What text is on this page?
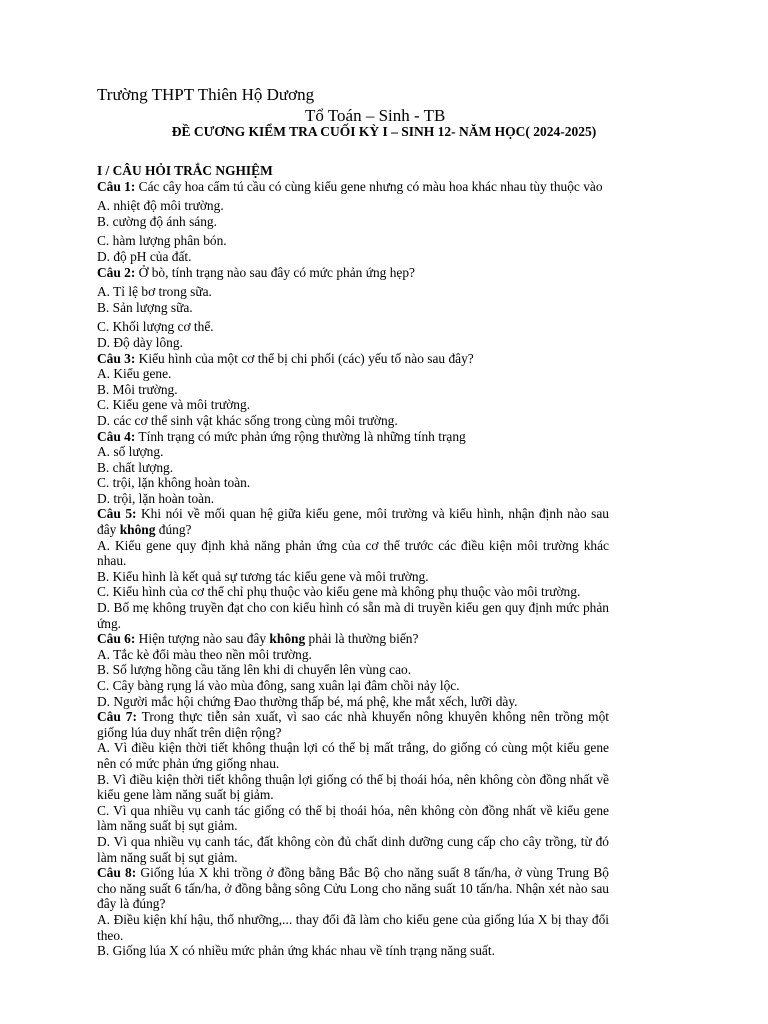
Trường THPT Thiên Hộ Dương
Tổ Toán – Sinh - TB
ĐỀ CƯƠNG KIỂM TRA CUỐI KỲ I – SINH 12- NĂM HỌC( 2024-2025)
I / CÂU HỎI TRẮC NGHIỆM
Câu 1: Các cây hoa cẩm tú cầu có cùng kiểu gene nhưng có màu hoa khác nhau tùy thuộc vào
A. nhiệt độ môi trường.
B. cường độ ánh sáng.
C. hàm lượng phân bón.
D. độ pH của đất.
Câu 2: Ở bò, tính trạng nào sau đây có mức phản ứng hẹp?
A. Tỉ lệ bơ trong sữa.
B. Sản lượng sữa.
C. Khối lượng cơ thể.
D. Độ dày lông.
Câu 3: Kiểu hình của một cơ thể bị chi phối (các) yếu tố nào sau đây?
A. Kiểu gene.
B. Môi trường.
C. Kiểu gene và môi trường.
D. các cơ thể sinh vật khác sống trong cùng môi trường.
Câu 4: Tính trạng có mức phản ứng rộng thường là những tính trạng
A. số lượng.
B. chất lượng.
C. trội, lặn không hoàn toàn.
D. trội, lặn hoàn toàn.
Câu 5: Khi nói về mối quan hệ giữa kiểu gene, môi trường và kiểu hình, nhận định nào sau đây không đúng?
A. Kiểu gene quy định khả năng phản ứng của cơ thể trước các điều kiện môi trường khác nhau.
B. Kiểu hình là kết quả sự tương tác kiểu gene và môi trường.
C. Kiểu hình của cơ thể chỉ phụ thuộc vào kiểu gene mà không phụ thuộc vào môi trường.
D. Bố mẹ không truyền đạt cho con kiểu hình có sẵn mà di truyền kiểu gen quy định mức phản ứng.
Câu 6: Hiện tượng nào sau đây không phải là thường biến?
A. Tắc kè đổi màu theo nền môi trường.
B. Số lượng hồng cầu tăng lên khi di chuyển lên vùng cao.
C. Cây bàng rụng lá vào mùa đông, sang xuân lại đâm chồi nảy lộc.
D. Người mắc hội chứng Đao thường thấp bé, má phệ, khe mắt xếch, lưỡi dày.
Câu 7: Trong thực tiễn sản xuất, vì sao các nhà khuyến nông khuyên không nên trồng một giống lúa duy nhất trên diện rộng?
A. Vì điều kiện thời tiết không thuận lợi có thể bị mất trắng, do giống có cùng một kiểu gene nên có mức phản ứng giống nhau.
B. Vì điều kiện thời tiết không thuận lợi giống có thể bị thoái hóa, nên không còn đồng nhất về kiểu gene làm năng suất bị giảm.
C. Vì qua nhiều vụ canh tác giống có thể bị thoái hóa, nên không còn đồng nhất về kiểu gene làm năng suất bị sụt giảm.
D. Vì qua nhiều vụ canh tác, đất không còn đủ chất dinh dưỡng cung cấp cho cây trồng, từ đó làm năng suất bị sụt giảm.
Câu 8: Giống lúa X khi trồng ở đồng bằng Bắc Bộ cho năng suất 8 tấn/ha, ở vùng Trung Bộ cho năng suất 6 tấn/ha, ở đồng bằng sông Cửu Long cho năng suất 10 tấn/ha. Nhận xét nào sau đây là đúng?
A. Điều kiện khí hậu, thổ nhưỡng,... thay đổi đã làm cho kiểu gene của giống lúa X bị thay đổi theo.
B. Giống lúa X có nhiều mức phản ứng khác nhau về tính trạng năng suất.
